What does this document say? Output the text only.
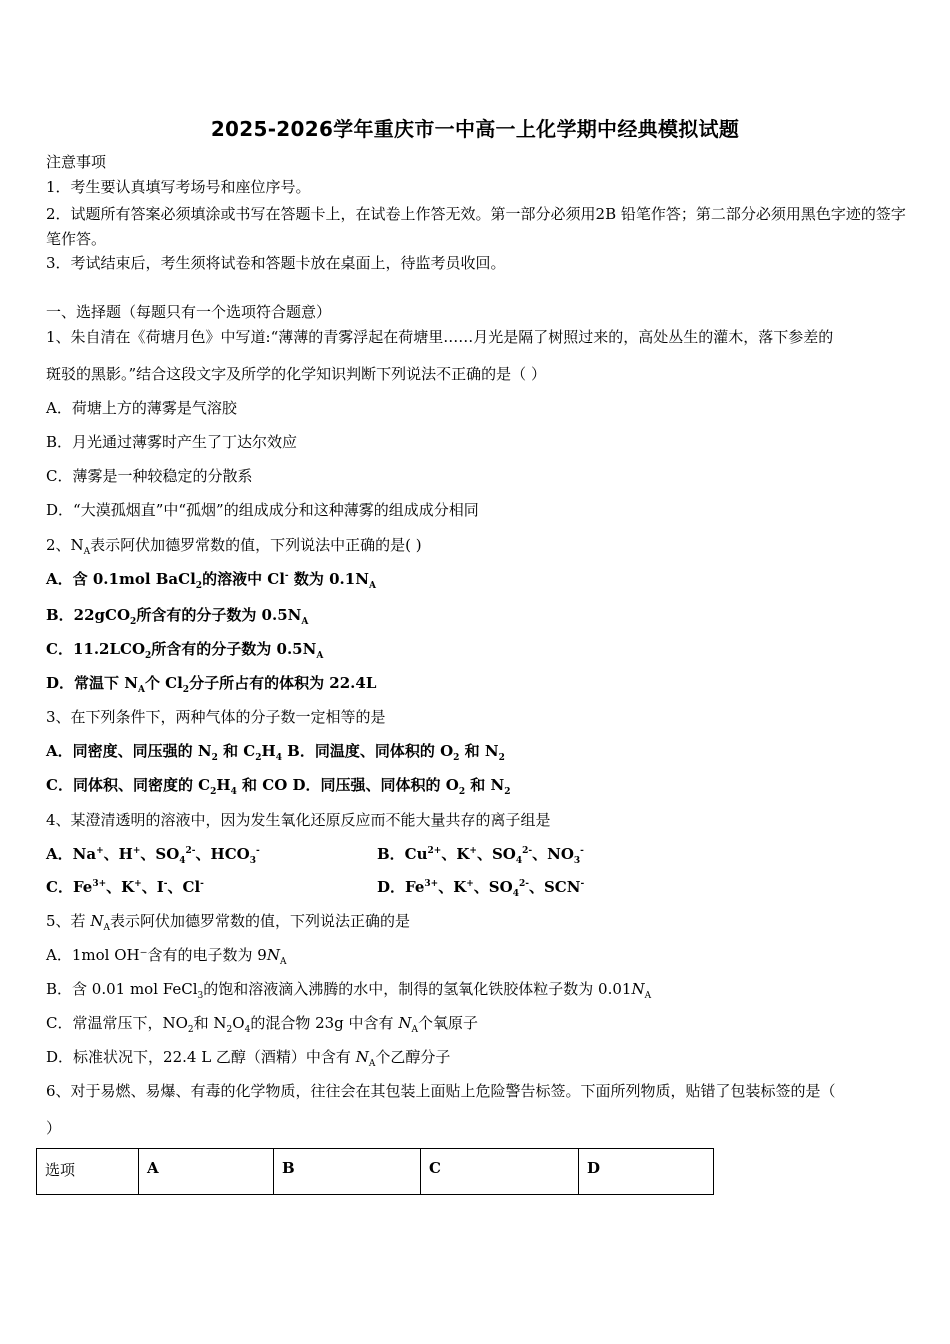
2025-2026学年重庆市一中高一上化学期中经典模拟试题
注意事项
1．考生要认真填写考场号和座位序号。
2．试题所有答案必须填涂或书写在答题卡上，在试卷上作答无效。第一部分必须用2B 铅笔作答；第二部分必须用黑色字迹的签字笔作答。
3．考试结束后，考生须将试卷和答题卡放在桌面上，待监考员收回。
一、选择题（每题只有一个选项符合题意）
1、朱自清在《荷塘月色》中写道:“薄薄的青雾浮起在荷塘里……月光是隔了树照过来的，高处丛生的灌木，落下参差的
斑驳的黑影。”结合这段文字及所学的化学知识判断下列说法不正确的是（ ）
A．荷塘上方的薄雾是气溶胶
B．月光通过薄雾时产生了丁达尔效应
C．薄雾是一种较稳定的分散系
D．“大漠孤烟直”中“孤烟”的组成成分和这种薄雾的组成成分相同
2、$N_A$表示阿伏加德罗常数的值，下列说法中正确的是( )
A．含 0.1mol BaCl$_2$的溶液中 Cl- 数为 $0.1N_A$
B．22gCO$_2$所含有的分子数为 $0.5N_A$
C．$11.2LCO_2$所含有的分子数为 $0.5N_A$
D．常温下 $N_A$个 $Cl_2$分子所占有的体积为 22.4L
3、在下列条件下，两种气体的分子数一定相等的是
A．同密度、同压强的 $N_2$ 和 $C_2H_4$ B．同温度、同体积的 $O_2$ 和 $N_2$
C．同体积、同密度的 $C_2H_4$ 和 CO D．同压强、同体积的 $O_2$ 和 $N_2$
4、某澄清透明的溶液中，因为发生氧化还原反应而不能大量共存的离子组是
A．Na+、H+、$SO_4^{2-}$、$HCO_3^-$	B．$Cu^{2+}$、K+、$SO_4^{2-}$、$NO_3^-$
C．$Fe^{3+}$、K+、I-、Cl-	D．$Fe^{3+}$、K+、$SO_4^{2-}$、SCN-
5、若 $N_A$表示阿伏加德罗常数的值，下列说法正确的是
A．1mol OH⁻含有的电子数为 $9N_A$
B．含 0.01 mol FeCl$_3$的饱和溶液滴入沸腾的水中，制得的氢氧化铁胶体粒子数为 $0.01N_A$
C．常温常压下，$NO_2$和 $N_2O_4$的混合物 23g 中含有 $N_A$个氧原子
D．标准状况下，22.4 L 乙醇（酒精）中含有 $N_A$个乙醇分子
6、对于易燃、易爆、有毒的化学物质，往往会在其包装上面贴上危险警告标签。下面所列物质，贴错了包装标签的是（
）
选项	A	B	C	D
